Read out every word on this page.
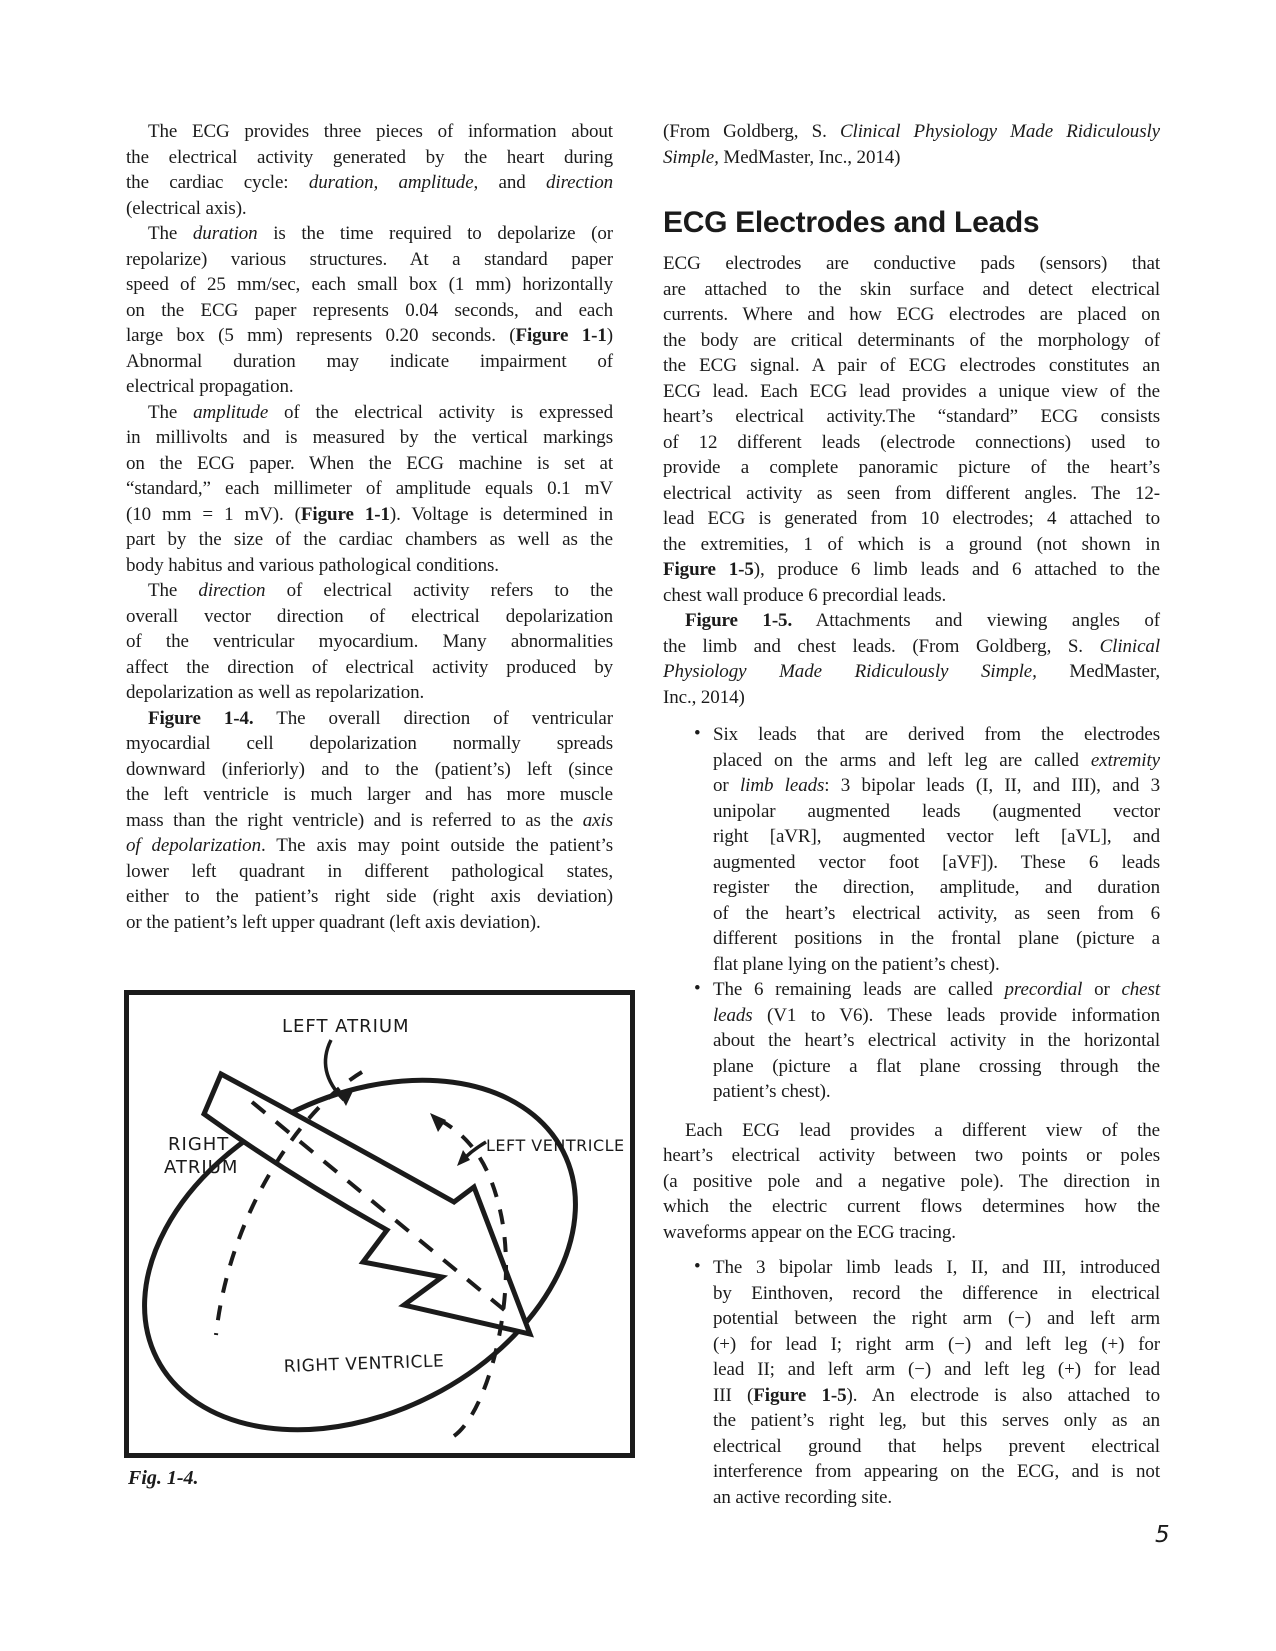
The ECG provides three pieces of information about
the electrical activity generated by the heart during
the cardiac cycle: duration, amplitude, and direction
(electrical axis).
The duration is the time required to depolarize (or
repolarize) various structures. At a standard paper
speed of 25 mm/sec, each small box (1 mm) horizontally
on the ECG paper represents 0.04 seconds, and each
large box (5 mm) represents 0.20 seconds. (Figure 1-1)
Abnormal duration may indicate impairment of
electrical propagation.
The amplitude of the electrical activity is expressed
in millivolts and is measured by the vertical markings
on the ECG paper. When the ECG machine is set at
“standard,” each millimeter of amplitude equals 0.1 mV
(10 mm = 1 mV). (Figure 1-1). Voltage is determined in
part by the size of the cardiac chambers as well as the
body habitus and various pathological conditions.
The direction of electrical activity refers to the
overall vector direction of electrical depolarization
of the ventricular myocardium. Many abnormalities
affect the direction of electrical activity produced by
depolarization as well as repolarization.
Figure 1-4. The overall direction of ventricular
myocardial cell depolarization normally spreads
downward (inferiorly) and to the (patient’s) left (since
the left ventricle is much larger and has more muscle
mass than the right ventricle) and is referred to as the axis
of depolarization. The axis may point outside the patient’s
lower left quadrant in different pathological states,
either to the patient’s right side (right axis deviation)
or the patient’s left upper quadrant (left axis deviation).
(From Goldberg, S. Clinical Physiology Made Ridiculously
Simple, MedMaster, Inc., 2014)
ECG Electrodes and Leads
ECG electrodes are conductive pads (sensors) that
are attached to the skin surface and detect electrical
currents. Where and how ECG electrodes are placed on
the body are critical determinants of the morphology of
the ECG signal. A pair of ECG electrodes constitutes an
ECG lead. Each ECG lead provides a unique view of the
heart’s electrical activity.The “standard” ECG consists
of 12 different leads (electrode connections) used to
provide a complete panoramic picture of the heart’s
electrical activity as seen from different angles. The 12-
lead ECG is generated from 10 electrodes; 4 attached to
the extremities, 1 of which is a ground (not shown in
Figure 1-5), produce 6 limb leads and 6 attached to the
chest wall produce 6 precordial leads.
Figure 1-5. Attachments and viewing angles of
the limb and chest leads. (From Goldberg, S. Clinical
Physiology Made Ridiculously Simple, MedMaster,
Inc., 2014)
• Six leads that are derived from the electrodes
placed on the arms and left leg are called extremity
or limb leads: 3 bipolar leads (I, II, and III), and 3
unipolar augmented leads (augmented vector
right [aVR], augmented vector left [aVL], and
augmented vector foot [aVF]). These 6 leads
register the direction, amplitude, and duration
of the heart’s electrical activity, as seen from 6
different positions in the frontal plane (picture a
flat plane lying on the patient’s chest).
• The 6 remaining leads are called precordial or chest
leads (V1 to V6). These leads provide information
about the heart’s electrical activity in the horizontal
plane (picture a flat plane crossing through the
patient’s chest).
Each ECG lead provides a different view of the
heart’s electrical activity between two points or poles
(a positive pole and a negative pole). The direction in
which the electric current flows determines how the
waveforms appear on the ECG tracing.
• The 3 bipolar limb leads I, II, and III, introduced
by Einthoven, record the difference in electrical
potential between the right arm (−) and left arm
(+) for lead I; right arm (−) and left leg (+) for
lead II; and left arm (−) and left leg (+) for lead
III (Figure 1-5). An electrode is also attached to
the patient’s right leg, but this serves only as an
electrical ground that helps prevent electrical
interference from appearing on the ECG, and is not
an active recording site.
LEFT ATRIUM
RIGHT
ATRIUM
LEFT VENTRICLE
RIGHT VENTRICLE
Fig. 1-4.
5
